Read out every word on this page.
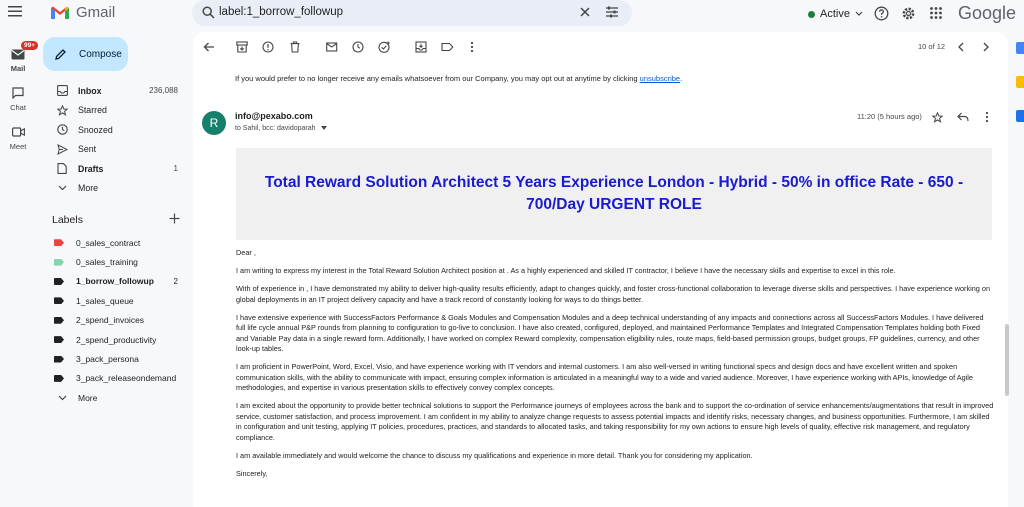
Gmail	label:1_borrow_followup	Active	Google
99+
Mail
Chat
Meet
Compose
Inbox	236,088
Starred
Snoozed
Sent
Drafts	1
More
Labels
0_sales_contract
0_sales_training
1_borrow_followup 2
1_sales_queue
2_spend_invoices
2_spend_productivity
3_pack_persona
3_pack_releaseondemand
More
10 of 12
If you would prefer to no longer receive any emails whatsoever from our Company, you may opt out at anytime by clicking unsubscribe.
R	info@pexabo.com
to Sahil, bcc: davidoparah
11:20 (5 hours ago)
Total Reward Solution Architect 5 Years Experience London - Hybrid - 50% in office Rate - 650 - 700/Day URGENT ROLE

Dear ,

I am writing to express my interest in the Total Reward Solution Architect position at . As a highly experienced and skilled IT contractor, I believe I have the necessary skills and expertise to excel in this role.

With of experience in , I have demonstrated my ability to deliver high-quality results efficiently, adapt to changes quickly, and foster cross-functional collaboration to leverage diverse skills and perspectives. I have experience working on global deployments in an IT project delivery capacity and have a track record of constantly looking for ways to do things better.

I have extensive experience with SuccessFactors Performance & Goals Modules and Compensation Modules and a deep technical understanding of any impacts and connections across all SuccessFactors Modules. I have delivered full life cycle annual P&P rounds from planning to configuration to go-live to conclusion. I have also created, configured, deployed, and maintained Performance Templates and Integrated Compensation Templates holding both Fixed and Variable Pay data in a single reward form. Additionally, I have worked on complex Reward complexity, compensation eligibility rules, route maps, field-based permission groups, budget groups, FP guidelines, currency, and other look-up tables.

I am proficient in PowerPoint, Word, Excel, Visio, and have experience working with IT vendors and internal customers. I am also well-versed in writing functional specs and design docs and have excellent written and spoken communication skills, with the ability to communicate with impact, ensuring complex information is articulated in a meaningful way to a wide and varied audience. Moreover, I have experience working with APIs, knowledge of Agile methodologies, and expertise in various presentation skills to effectively convey complex concepts.

I am excited about the opportunity to provide better technical solutions to support the Performance journeys of employees across the bank and to support the co-ordination of service enhancements/augmentations that result in improved service, customer satisfaction, and process improvement. I am confident in my ability to analyze change requests to assess potential impacts and identify risks, necessary changes, and business opportunities. Furthermore, I am skilled in configuration and unit testing, applying IT policies, procedures, practices, and standards to allocated tasks, and taking responsibility for my own actions to ensure high levels of quality, effective risk management, and regulatory compliance.

I am available immediately and would welcome the chance to discuss my qualifications and experience in more detail. Thank you for considering my application.

Sincerely,
